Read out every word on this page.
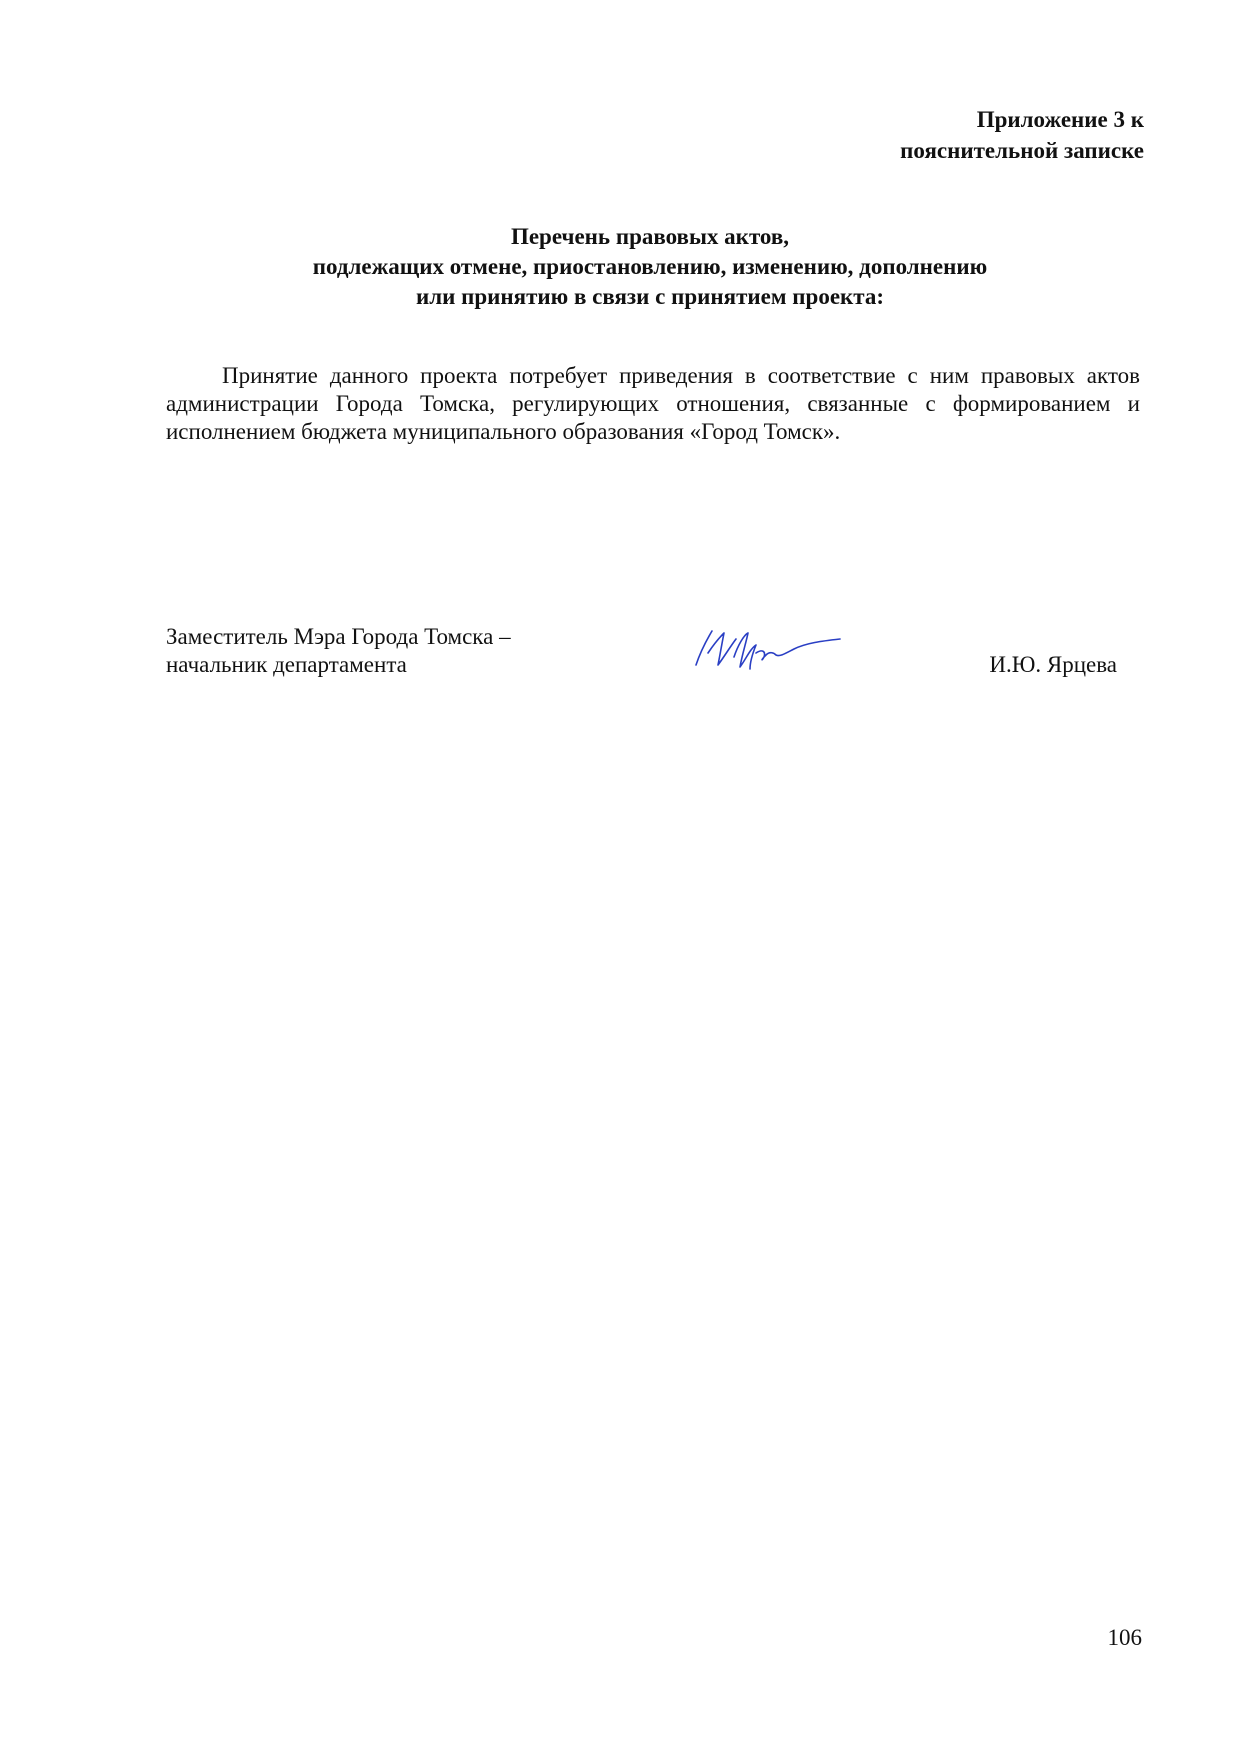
Приложение 3 к
пояснительной записке
Перечень правовых актов,
подлежащих отмене, приостановлению, изменению, дополнению
или принятию в связи с принятием проекта:

Принятие данного проекта потребует приведения в соответствие с ним правовых актов администрации Города Томска, регулирующих отношения, связанные с формированием и исполнением бюджета муниципального образования «Город Томск».

Заместитель Мэра Города Томска –
начальник департамента	И.Ю. Ярцева
106
